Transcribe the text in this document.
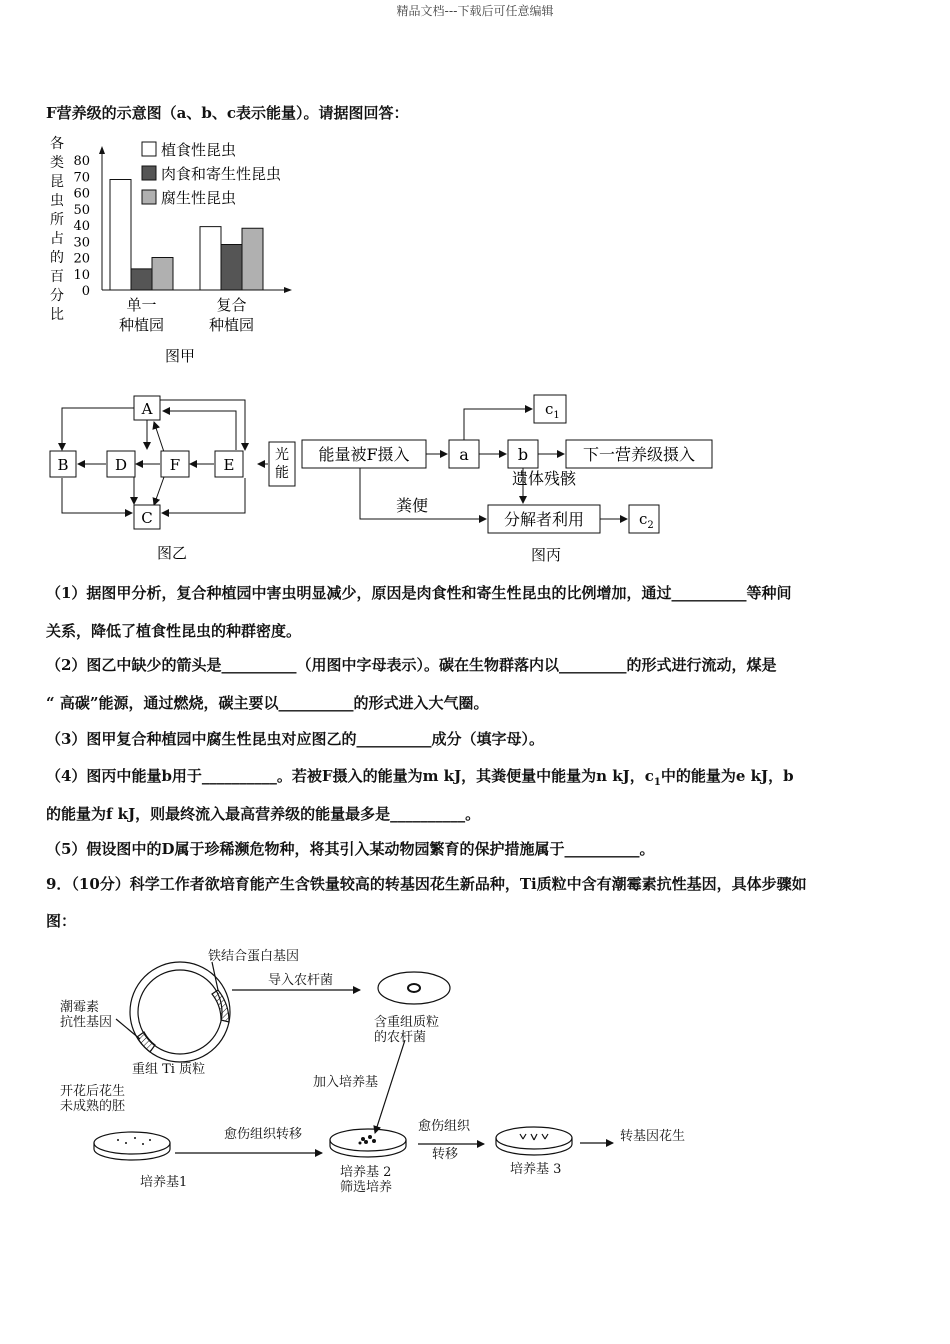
精品文档---下载后可任意编辑
F营养级的示意图（a、b、c表示能量）。请据图回答：
各
类
昆
虫
所
占
的
百
分
比
0
10
20
30
40
50
60
70
80
单一
种植园
复合
种植园
植食性昆虫
肉食和寄生性昆虫
腐生性昆虫
图甲
A
B
C
D	E
F
光能
图乙
能量被F摄入	a	b	下一营养级摄入
遗体残骸
粪便
分解者利用
图丙
$c_1$
$c_2$
（1）据图甲分析，复合种植园中害虫明显减少，原因是肉食性和寄生性昆虫的比例增加，通过__________等种间
关系，降低了植食性昆虫的种群密度。
（2）图乙中缺少的箭头是__________（用图中字母表示）。碳在生物群落内以_________的形式进行流动，煤是
“ 高碳”能源，通过燃烧，碳主要以__________的形式进入大气圈。
（3）图甲复合种植园中腐生性昆虫对应图乙的__________成分（填字母）。
（4）图丙中能量b用于__________。若被F摄入的能量为m kJ，其粪便量中能量为n kJ，$c_1$中的能量为e kJ，b
的能量为f kJ，则最终流入最高营养级的能量最多是__________。
（5）假设图中的D属于珍稀濒危物种，将其引入某动物园繁育的保护措施属于__________。
9．（10分）科学工作者欲培育能产生含铁量较高的转基因花生新品种，Ti质粒中含有潮霉素抗性基因，具体步骤如
图：
铁结合蛋白基因
潮霉素
抗性基因
重组 Ti 质粒
导入农杆菌
含重组质粒
的农杆菌
加入培养基
开花后花生
未成熟的胚
愈伤组织转移
愈伤组织
转移
培养基1
培养基 2
筛选培养
培养基 3
转基因花生
